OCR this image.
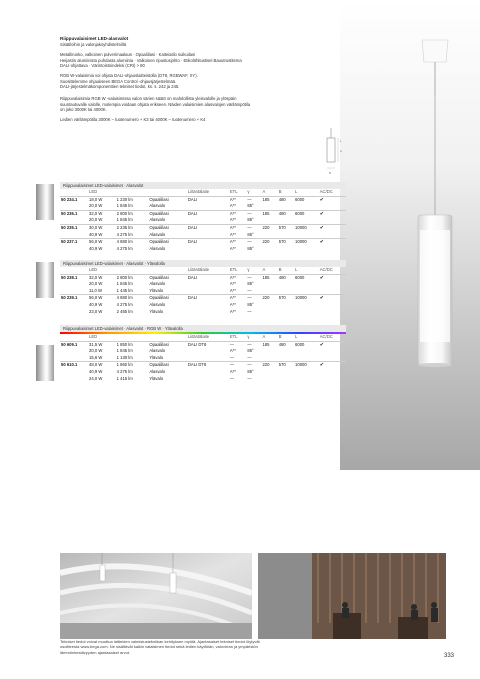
Riippuvalaisimet LED-alasvalot
Sisätiloihin ja valonjakoyhdistelmillä
Metallirunko, valkoinen pulverimaalaus · Opaaliilasi · Kaiteiatilo suikuilasi
Heijastin alumiinista puhdasta alumiinia · Valkoinen ripustusjohto · Etikolöhitustisel Bauutrustitema
DALI-ohjattava · Värintoistoindeksi (CRI) > 80
RGB W-valaisimia voi ohjata DALI-ohjauslaitteistolla (DT8, RGBWAF, XY).
Suosittelemme ohjaukseen BEGA Control -ohjausjärjestelmää.
DALI-järjestelmäkomponenttien tekniset tiedot, ks. s. 242 ja 245.
Riippuvalaisimia RGB W -valaisimissa valon värien säätö on mahdollista yleisvalolle ja ylöspäin
suuntautuvalle valolle, molempia voidaan ohjata erikseen. Näiden valaisimien alasvalojen värilämpötila
on joko 3000K tai 4000K.
Ledien värilämpötila 3000K – tuotenumero + K3 tai 4000K – tuotenumero + K4
L
A
B
Riippuvalaisimet LED-valaisimet · Alasvalot
	LED			Liitäntälaite	ETL	γ	A	B	L	AC/DC
50 234.1	18,0 W	1 230 lm	Opaaliilasi	DALI	A**	—	185	480	6000	✔
	20,0 W	1 845 lm	Alasvalo		A**	85°				
50 236.1	32,0 W	2 800 lm	Opaaliilasi	DALI	A**	—	185	480	6000	✔
	20,0 W	1 845 lm	Alasvalo		A**	85°				
50 235.1	30,0 W	2 235 lm	Opaaliilasi	DALI	A**	—	220	570	10000	✔
	40,9 W	4 275 lm	Alasvalo		A**	85°				
50 237.1	56,0 W	4 880 lm	Opaaliilasi	DALI	A**	—	220	570	10000	✔
	40,9 W	4 275 lm	Alasvalo		A**	85°				
Riippuvalaisimet LED-valaisimet · Alasvalot · Ylävalolla
	LED			Liitäntälaite	ETL	γ	A	B	L	AC/DC
50 238.1	32,0 W	2 800 lm	Opaaliilasi	DALI	A**	—	185	480	6000	✔
	20,0 W	1 845 lm	Alasvalo		A**	85°				
	11,0 W	1 445 lm	Ylävalo		A**	—				
50 239.1	56,0 W	4 880 lm	Opaaliilasi	DALI	A**	—	220	570	10000	✔
	40,9 W	4 275 lm	Alasvalo		A**	85°				
	23,0 W	2 465 lm	Ylävalo		A**	—				
Riippuvalaisimet LED-valaisimet · Alasvalot · RGB W · Ylävalolla
	LED			Liitäntälaite	ETL	γ	A	B	L	AC/DC
50 609.1	31,5 W	1 850 lm	Opaaliilasi	DALI DT8	—	—	185	480	6000	✔
	20,0 W	1 845 lm	Alasvalo		A**	85°				
	15,6 W	1 130 lm	Ylävalo		—	—				
50 610.1	48,0 W	1 860 lm	Opaaliilasi	DALI DT8	—	—	220	570	10000	✔
	40,9 W	4 275 lm	Alasvalo		A**	85°				
	24,0 W	1 415 lm	Ylävalo		—	—				
Tekniset tiedot voivat muuttua laitteiden valmistustekniikan kehityksen myötä. Ajantasaiset tekniset tiedot löytyvät
osoitteesta www.bega.com. Ne sisältävät kaikin valaisimen tiedot sekä ledien käyttöiän, valovirran ja ympäristön
lämmönkestävyyden ajantasaiset arvot.
333
